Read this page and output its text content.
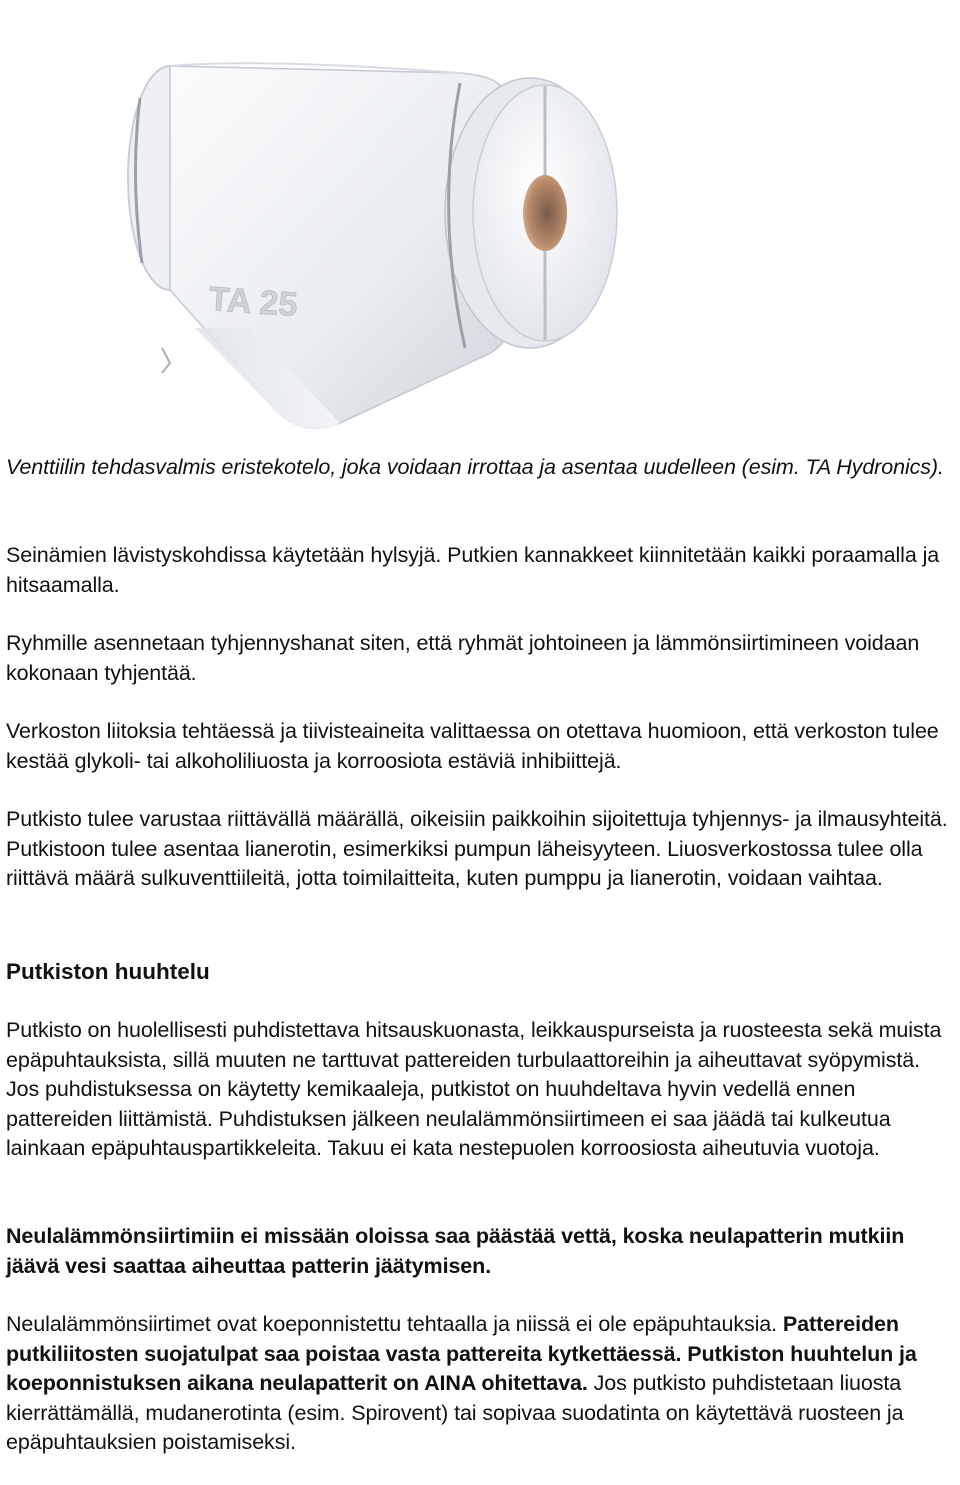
TA 25

Venttiilin tehdasvalmis eristekotelo, joka voidaan irrottaa ja asentaa uudelleen (esim. TA Hydronics).

Seinämien lävistyskohdissa käytetään hylsyjä. Putkien kannakkeet kiinnitetään kaikki poraamalla ja hitsaamalla.

Ryhmille asennetaan tyhjennyshanat siten, että ryhmät johtoineen ja lämmönsiirtimineen voidaan kokonaan tyhjentää.

Verkoston liitoksia tehtäessä ja tiivisteaineita valittaessa on otettava huomioon, että verkoston tulee kestää glykoli- tai alkoholiliuosta ja korroosiota estäviä inhibiittejä.

Putkisto tulee varustaa riittävällä määrällä, oikeisiin paikkoihin sijoitettuja tyhjennys- ja ilmausyhteitä. Putkistoon tulee asentaa lianerotin, esimerkiksi pumpun läheisyyteen. Liuosverkostossa tulee olla riittävä määrä sulkuventtiileitä, jotta toimilaitteita, kuten pumppu ja lianerotin, voidaan vaihtaa.

Putkiston huuhtelu

Putkisto on huolellisesti puhdistettava hitsauskuonasta, leikkauspurseista ja ruosteesta sekä muista epäpuhtauksista, sillä muuten ne tarttuvat pattereiden turbulaattoreihin ja aiheuttavat syöpymistä. Jos puhdistuksessa on käytetty kemikaaleja, putkistot on huuhdeltava hyvin vedellä ennen pattereiden liittämistä. Puhdistuksen jälkeen neulalämmönsiirtimeen ei saa jäädä tai kulkeutua lainkaan epäpuhtauspartikkeleita. Takuu ei kata nestepuolen korroosiosta aiheutuvia vuotoja.

Neulalämmönsiirtimiin ei missään oloissa saa päästää vettä, koska neulapatterin mutkiin jäävä vesi saattaa aiheuttaa patterin jäätymisen.

Neulalämmönsiirtimet ovat koeponnistettu tehtaalla ja niissä ei ole epäpuhtauksia. Pattereiden putkiliitosten suojatulpat saa poistaa vasta pattereita kytkettäessä. Putkiston huuhtelun ja koeponnistuksen aikana neulapatterit on AINA ohitettava. Jos putkisto puhdistetaan liuosta kierrättämällä, mudanerotinta (esim. Spirovent) tai sopivaa suodatinta on käytettävä ruosteen ja epäpuhtauksien poistamiseksi.
